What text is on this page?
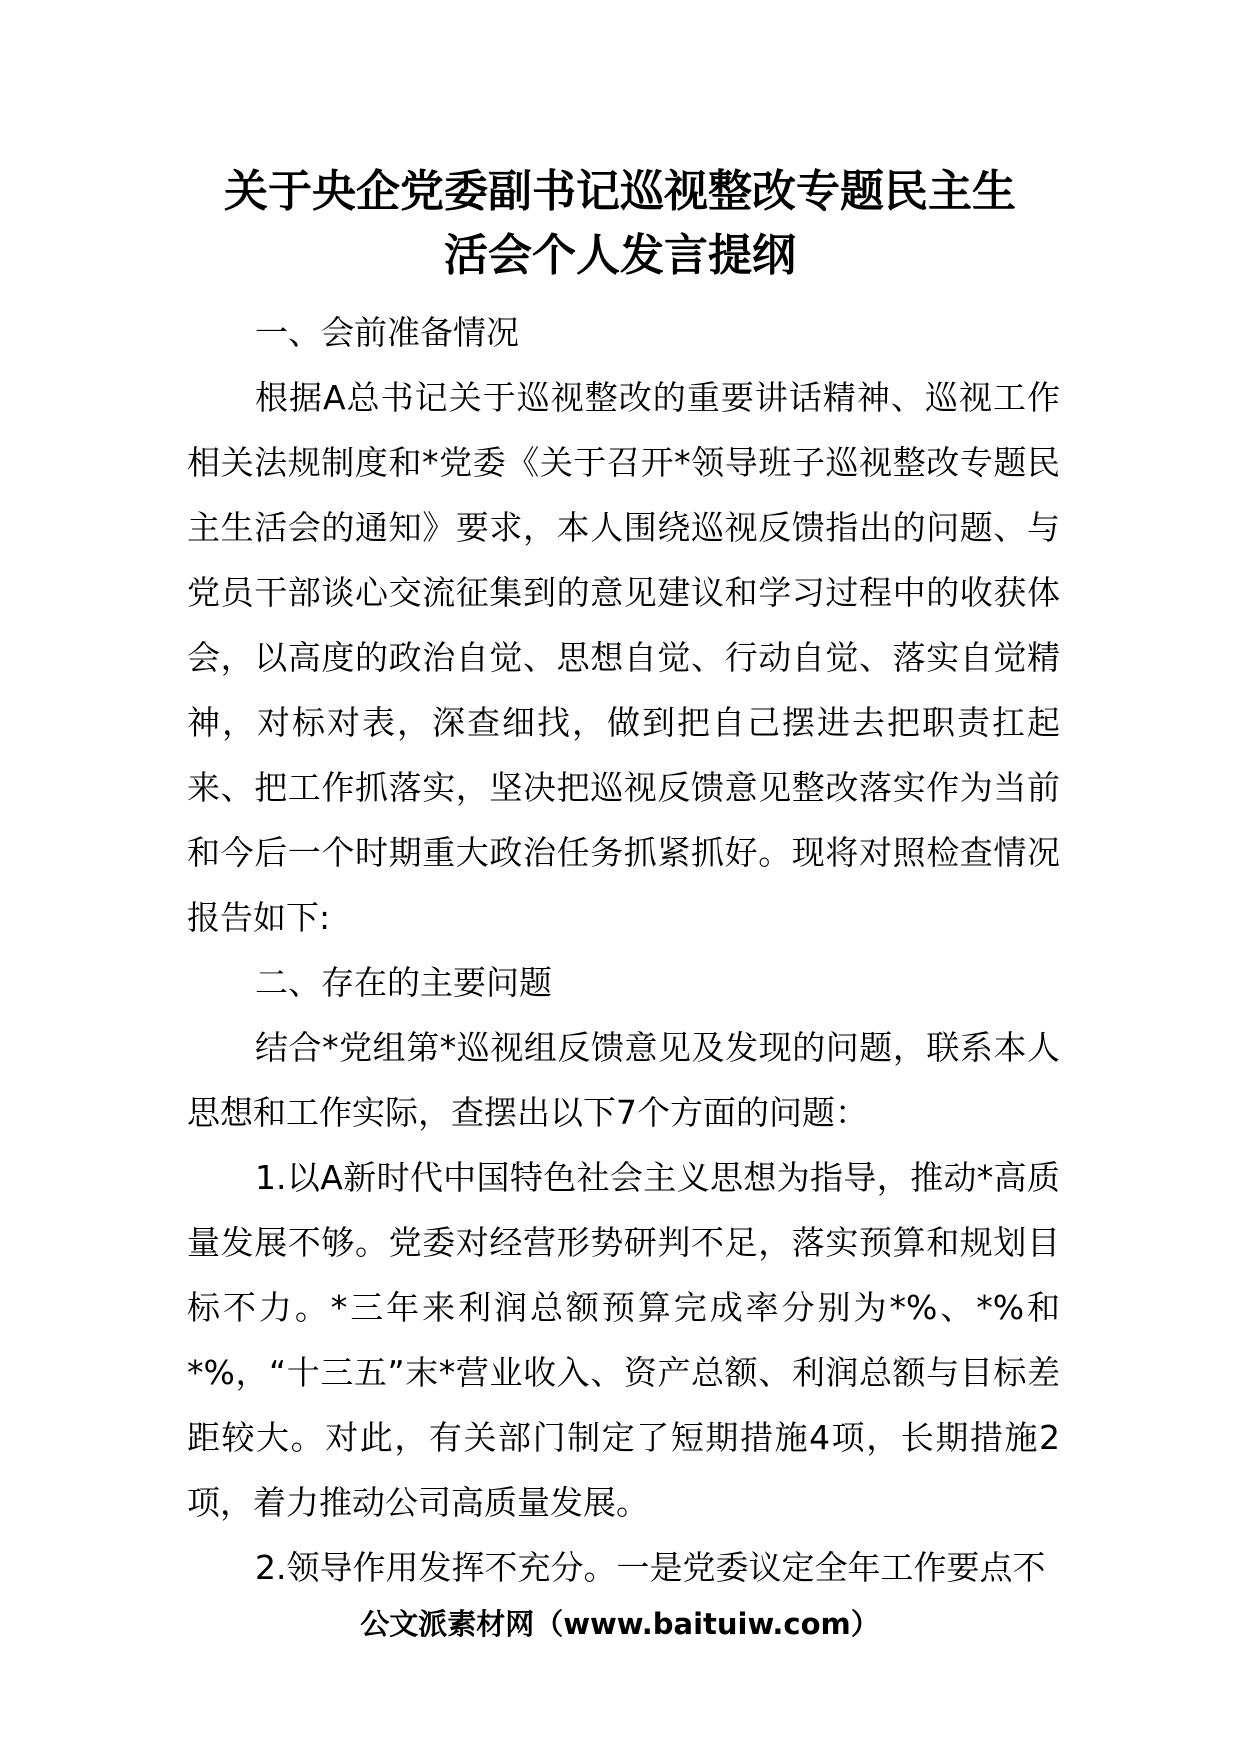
关于央企党委副书记巡视整改专题民主生
活会个人发言提纲

一、会前准备情况

根据A总书记关于巡视整改的重要讲话精神、巡视工作相关法规制度和*党委《关于召开*领导班子巡视整改专题民主生活会的通知》要求，本人围绕巡视反馈指出的问题、与党员干部谈心交流征集到的意见建议和学习过程中的收获体会，以高度的政治自觉、思想自觉、行动自觉、落实自觉精神，对标对表，深查细找，做到把自己摆进去把职责扛起来、把工作抓落实，坚决把巡视反馈意见整改落实作为当前和今后一个时期重大政治任务抓紧抓好。现将对照检查情况报告如下:

二、存在的主要问题

结合*党组第*巡视组反馈意见及发现的问题，联系本人思想和工作实际，查摆出以下7个方面的问题：

1.以A新时代中国特色社会主义思想为指导，推动*高质量发展不够。党委对经营形势研判不足，落实预算和规划目标不力。*三年来利润总额预算完成率分别为*%、*%和*%，“十三五”末*营业收入、资产总额、利润总额与目标差距较大。对此，有关部门制定了短期措施4项，长期措施2项，着力推动公司高质量发展。

2.领导作用发挥不充分。一是党委议定全年工作要点不

公文派素材网（www.baituiw.com）
